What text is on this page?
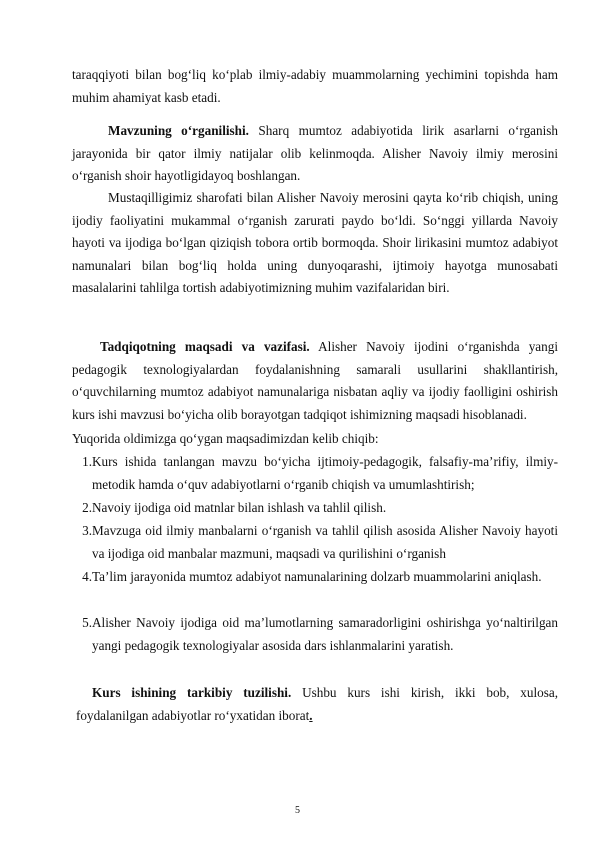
taraqqiyoti bilan bog‘liq ko‘plab ilmiy-adabiy muammolarning yechimini topishda ham muhim ahamiyat kasb etadi.
Mavzuning o‘rganilishi. Sharq mumtoz adabiyotida lirik asarlarni o‘rganish jarayonida bir qator ilmiy natijalar olib kelinmoqda. Alisher Navoiy ilmiy merosini o‘rganish shoir hayotligidayoq boshlangan.
Mustaqilligimiz sharofati bilan Alisher Navoiy merosini qayta ko‘rib chiqish, uning ijodiy faoliyatini mukammal o‘rganish zarurati paydo bo‘ldi. So‘nggi yillarda Navoiy hayoti va ijodiga bo‘lgan qiziqish tobora ortib bormoqda. Shoir lirikasini mumtoz adabiyot namunalari bilan bog‘liq holda uning dunyoqarashi, ijtimoiy hayotga munosabati masalalarini tahlilga tortish adabiyotimizning muhim vazifalaridan biri.
Tadqiqotning maqsadi va vazifasi. Alisher Navoiy ijodini o‘rganishda yangi pedagogik texnologiyalardan foydalanishning samarali usullarini shakllantirish, o‘quvchilarning mumtoz adabiyot namunalariga nisbatan aqliy va ijodiy faolligini oshirish kurs ishi mavzusi bo‘yicha olib borayotgan tadqiqot ishimizning maqsadi hisoblanadi.
Yuqorida oldimizga qo‘ygan maqsadimizdan kelib chiqib:
1. Kurs ishida tanlangan mavzu bo‘yicha ijtimoiy-pedagogik, falsafiy-ma’rifiy, ilmiy-metodik hamda o‘quv adabiyotlarni o‘rganib chiqish va umumlashtirish;
2. Navoiy ijodiga oid matnlar bilan ishlash va tahlil qilish.
3. Mavzuga oid ilmiy manbalarni o‘rganish va tahlil qilish asosida Alisher Navoiy hayoti va ijodiga oid manbalar mazmuni, maqsadi va qurilishini o‘rganish
4. Ta’lim jarayonida mumtoz adabiyot namunalarining dolzarb muammolarini aniqlash.
5. Alisher Navoiy ijodiga oid ma’lumotlarning samaradorligini oshirishga yo‘naltirilgan yangi pedagogik texnologiyalar asosida dars ishlanmalarini yaratish.
Kurs ishining tarkibiy tuzilishi. Ushbu kurs ishi kirish, ikki bob, xulosa, foydalanilgan adabiyotlar ro‘yxatidan iborat.
5
